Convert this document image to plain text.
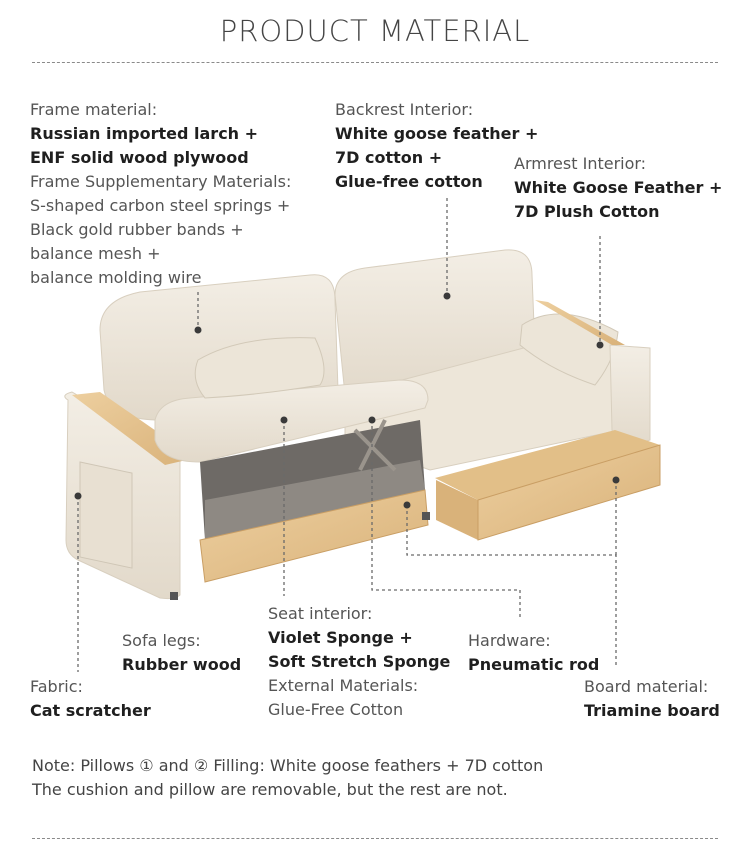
PRODUCT MATERIAL
Frame material:
Russian imported larch +
ENF solid wood plywood
Frame Supplementary Materials:
S-shaped carbon steel springs +
Black gold rubber bands +
balance mesh +
balance molding wire
Backrest Interior:
White goose feather +
7D cotton +
Glue-free cotton
Armrest Interior:
White Goose Feather +
7D Plush Cotton
Seat interior:
Violet Sponge +
Soft Stretch Sponge
External Materials:
Glue-Free Cotton
Sofa legs:
Rubber wood
Hardware:
Pneumatic rod
Fabric:
Cat scratcher
Board material:
Triamine board
Note: Pillows ① and ② Filling: White goose feathers + 7D cotton
The cushion and pillow are removable, but the rest are not.
